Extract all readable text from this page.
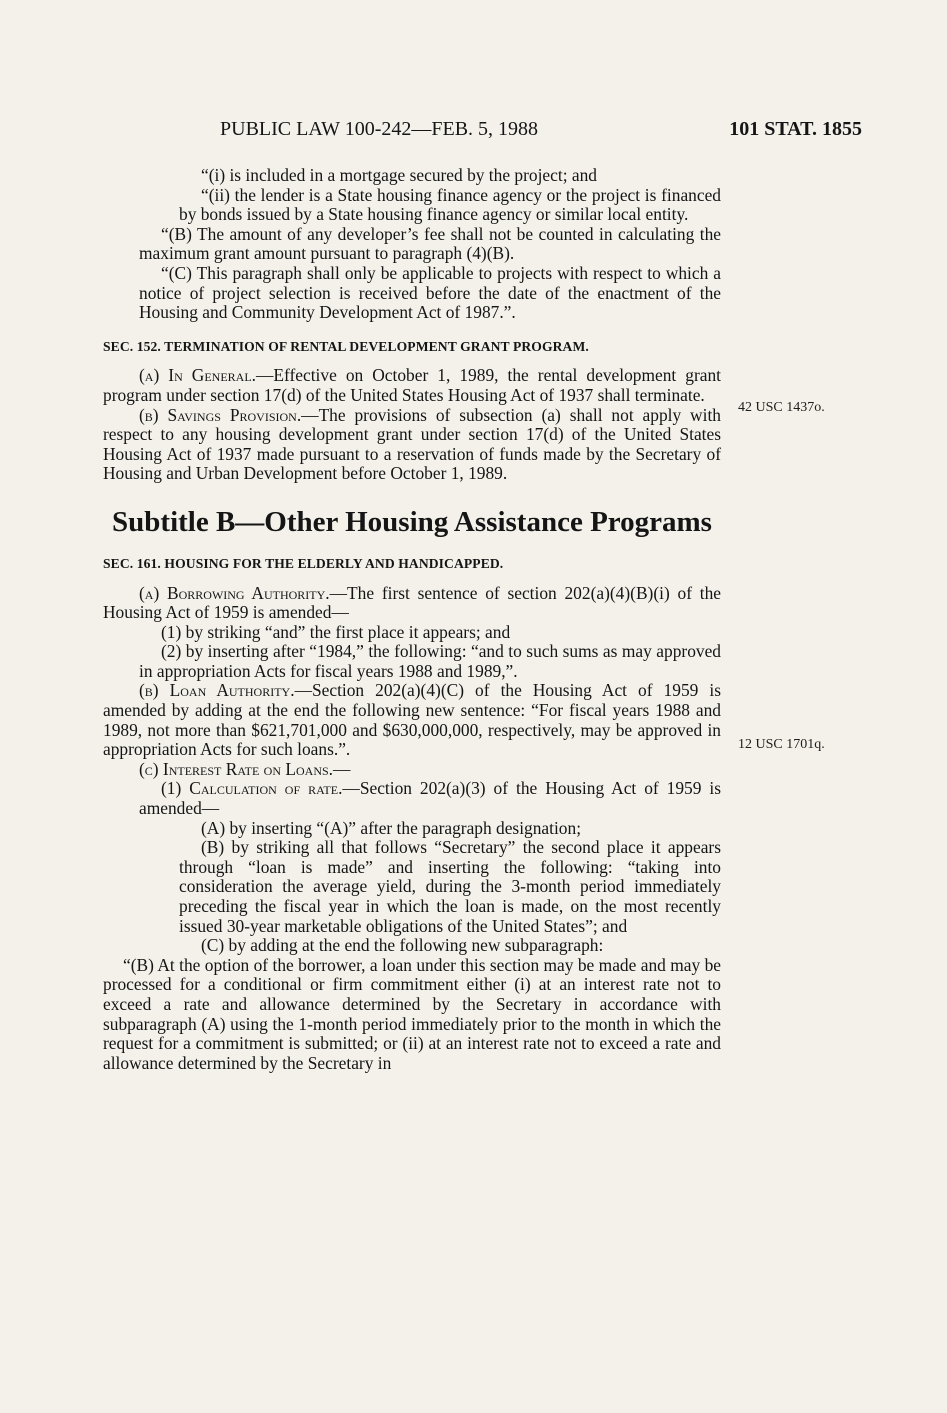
PUBLIC LAW 100-242—FEB. 5, 1988	101 STAT. 1855

“(i) is included in a mortgage secured by the project; and

“(ii) the lender is a State housing finance agency or the project is financed by bonds issued by a State housing finance agency or similar local entity.

“(B) The amount of any developer’s fee shall not be counted in calculating the maximum grant amount pursuant to paragraph (4)(B).

“(C) This paragraph shall only be applicable to projects with respect to which a notice of project selection is received before the date of the enactment of the Housing and Community Development Act of 1987.”.

SEC. 152. TERMINATION OF RENTAL DEVELOPMENT GRANT PROGRAM.

(a) In General.—Effective on October 1, 1989, the rental development grant program under section 17(d) of the United States Housing Act of 1937 shall terminate.

(b) Savings Provision.—The provisions of subsection (a) shall not apply with respect to any housing development grant under section 17(d) of the United States Housing Act of 1937 made pursuant to a reservation of funds made by the Secretary of Housing and Urban Development before October 1, 1989.

Subtitle B—Other Housing Assistance Programs

SEC. 161. HOUSING FOR THE ELDERLY AND HANDICAPPED.

(a) Borrowing Authority.—The first sentence of section 202(a)(4)(B)(i) of the Housing Act of 1959 is amended—

(1) by striking “and” the first place it appears; and

(2) by inserting after “1984,” the following: “and to such sums as may approved in appropriation Acts for fiscal years 1988 and 1989,”.

(b) Loan Authority.—Section 202(a)(4)(C) of the Housing Act of 1959 is amended by adding at the end the following new sentence: “For fiscal years 1988 and 1989, not more than $621,701,000 and $630,000,000, respectively, may be approved in appropriation Acts for such loans.”.

(c) Interest Rate on Loans.—

(1) Calculation of rate.—Section 202(a)(3) of the Housing Act of 1959 is amended—

(A) by inserting “(A)” after the paragraph designation;

(B) by striking all that follows “Secretary” the second place it appears through “loan is made” and inserting the following: “taking into consideration the average yield, during the 3-month period immediately preceding the fiscal year in which the loan is made, on the most recently issued 30-year marketable obligations of the United States”; and

(C) by adding at the end the following new subparagraph:

“(B) At the option of the borrower, a loan under this section may be made and may be processed for a conditional or firm commitment either (i) at an interest rate not to exceed a rate and allowance determined by the Secretary in accordance with subparagraph (A) using the 1-month period immediately prior to the month in which the request for a commitment is submitted; or (ii) at an interest rate not to exceed a rate and allowance determined by the Secretary in

42 USC 1437o.
12 USC 1701q.
